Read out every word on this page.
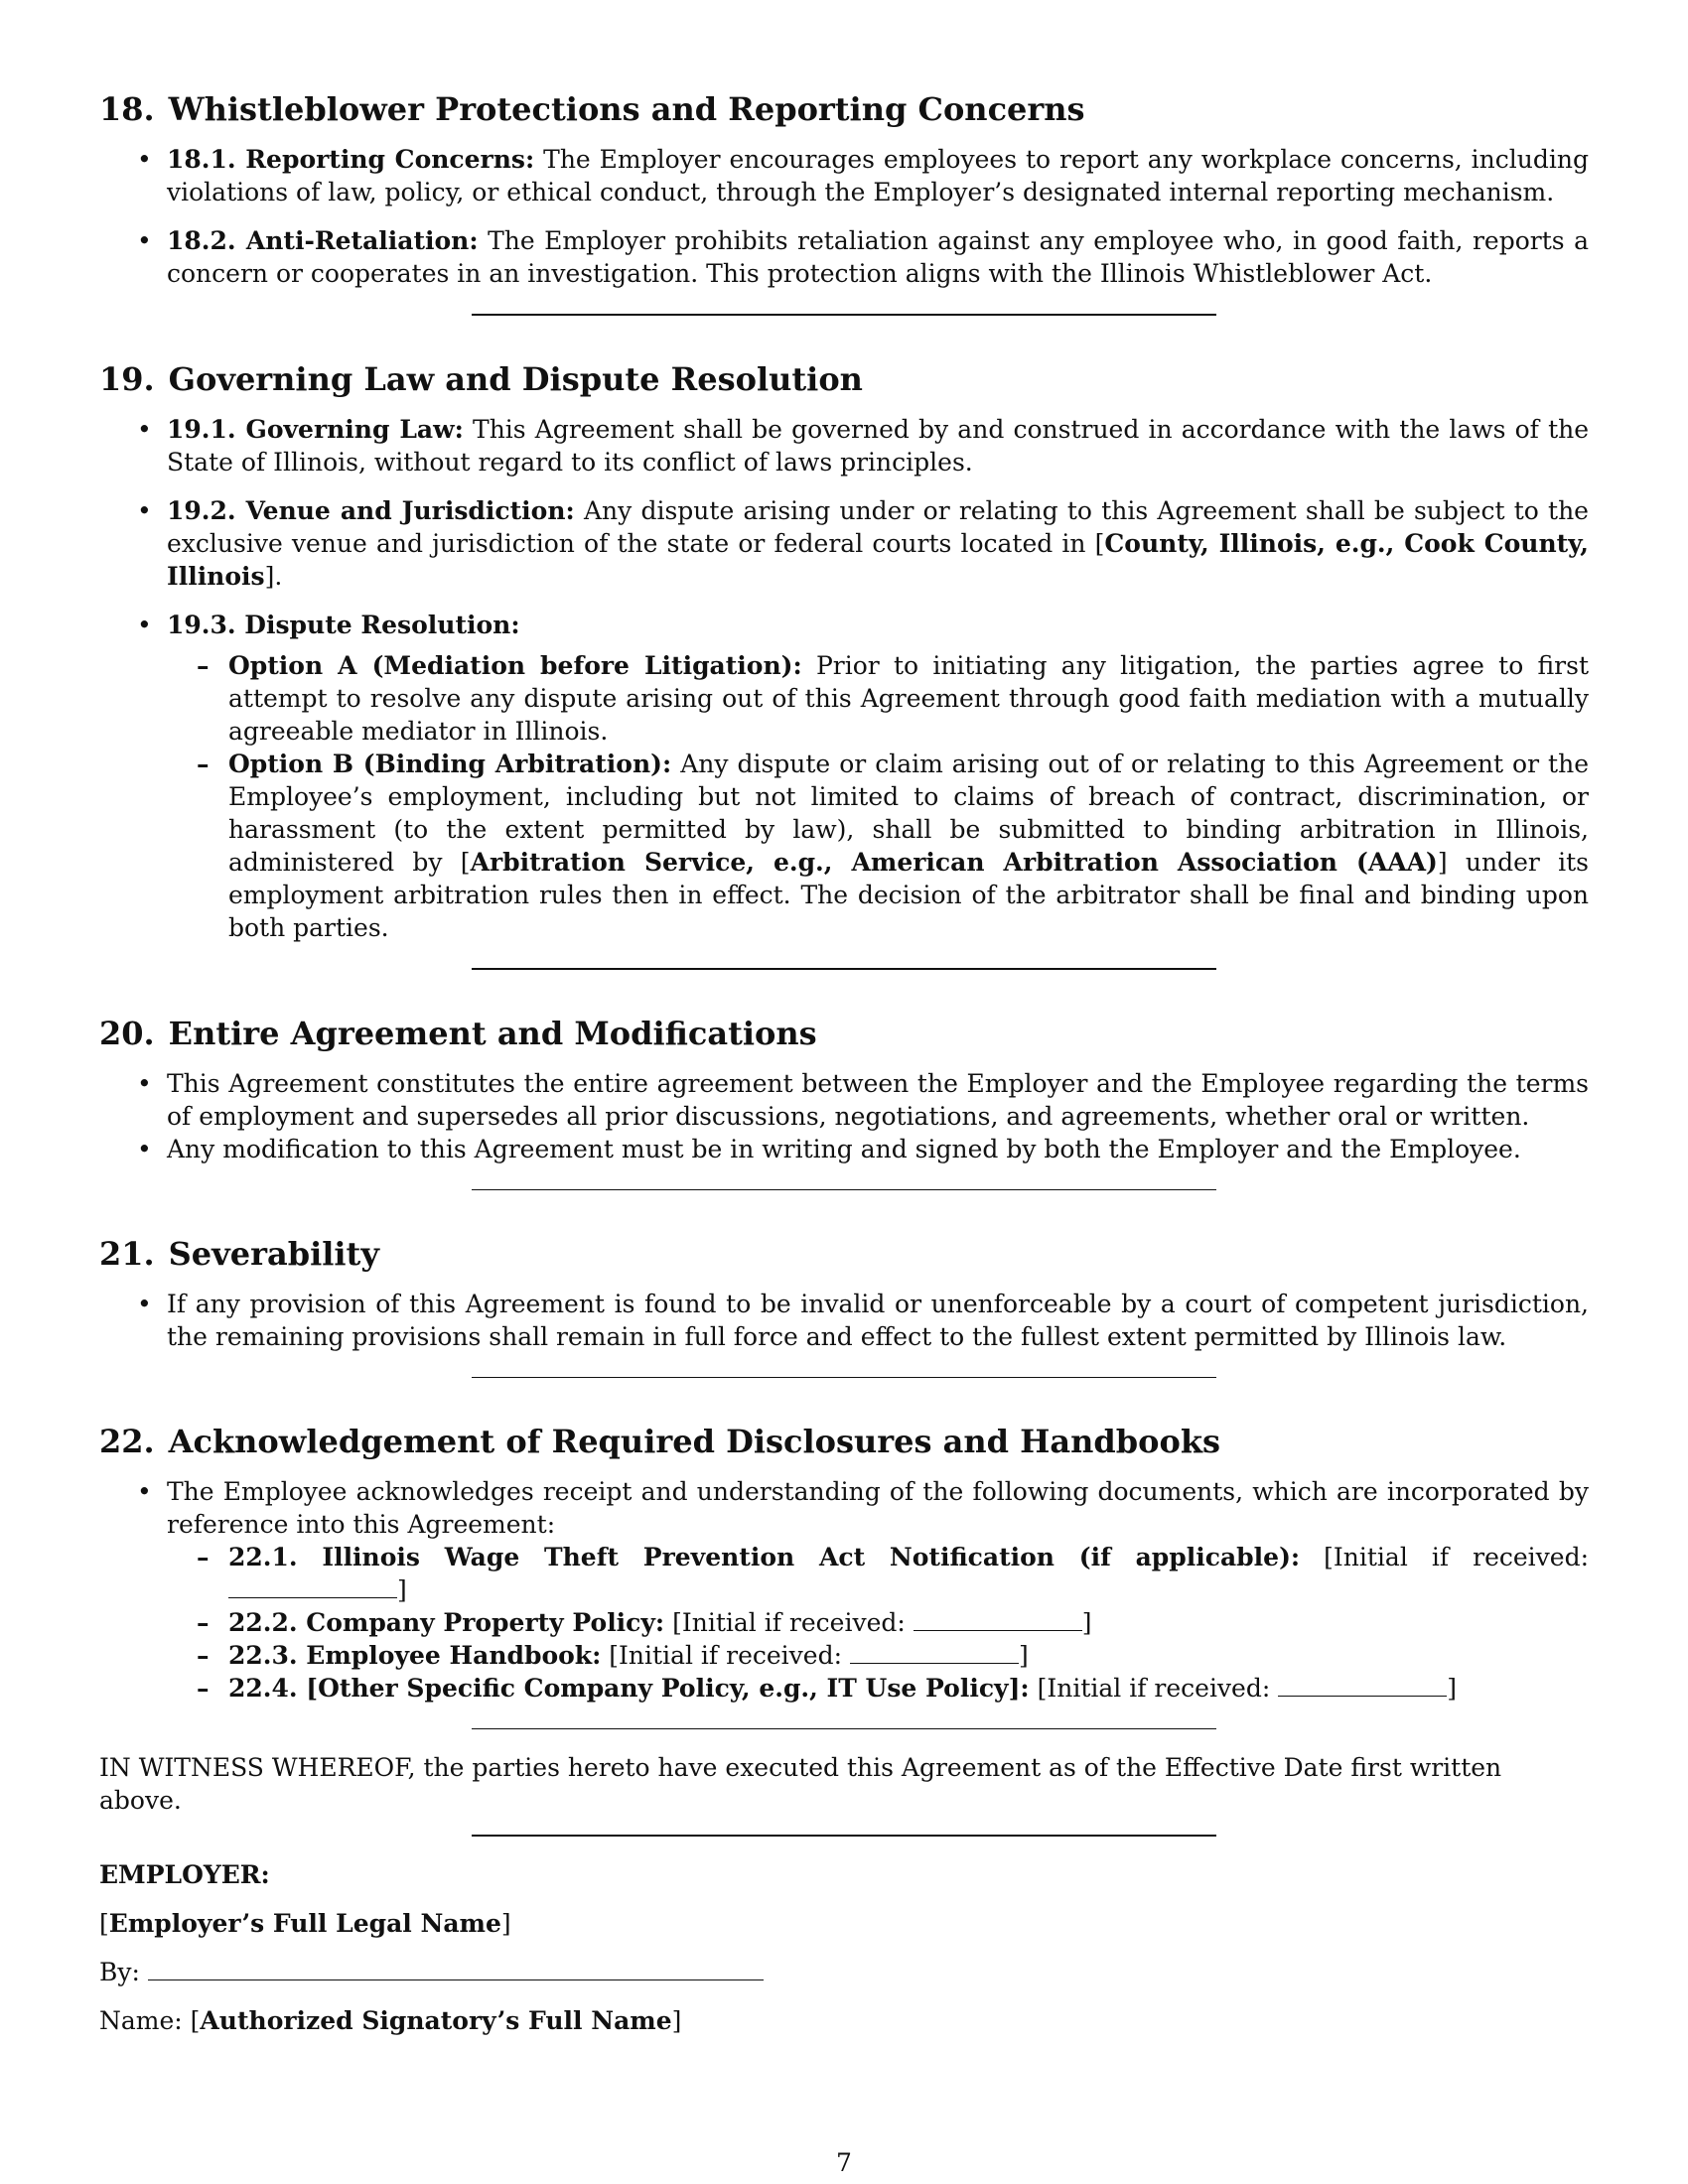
18. Whistleblower Protections and Reporting Concerns
• 18.1. Reporting Concerns: The Employer encourages employees to report any workplace concerns, including violations of law, policy, or ethical conduct, through the Employer’s designated internal reporting mechanism.
• 18.2. Anti-Retaliation: The Employer prohibits retaliation against any employee who, in good faith, reports a concern or cooperates in an investigation. This protection aligns with the Illinois Whistleblower Act.
19. Governing Law and Dispute Resolution
• 19.1. Governing Law: This Agreement shall be governed by and construed in accordance with the laws of the State of Illinois, without regard to its conflict of laws principles.
• 19.2. Venue and Jurisdiction: Any dispute arising under or relating to this Agreement shall be subject to the exclusive venue and jurisdiction of the state or federal courts located in [County, Illinois, e.g., Cook County, Illinois].
• 19.3. Dispute Resolution:
– Option A (Mediation before Litigation): Prior to initiating any litigation, the parties agree to first attempt to resolve any dispute arising out of this Agreement through good faith mediation with a mutually agreeable mediator in Illinois.
– Option B (Binding Arbitration): Any dispute or claim arising out of or relating to this Agreement or the Employee’s employment, including but not limited to claims of breach of contract, discrimination, or harassment (to the extent permitted by law), shall be submitted to binding arbitration in Illinois, administered by [Arbitration Service, e.g., American Arbitration Association (AAA)] under its employment arbitration rules then in effect. The decision of the arbitrator shall be final and binding upon both parties.
20. Entire Agreement and Modifications
• This Agreement constitutes the entire agreement between the Employer and the Employee regarding the terms of employment and supersedes all prior discussions, negotiations, and agreements, whether oral or written.
• Any modification to this Agreement must be in writing and signed by both the Employer and the Employee.
21. Severability
• If any provision of this Agreement is found to be invalid or unenforceable by a court of competent jurisdiction, the remaining provisions shall remain in full force and effect to the fullest extent permitted by Illinois law.
22. Acknowledgement of Required Disclosures and Handbooks
• The Employee acknowledges receipt and understanding of the following documents, which are incorporated by reference into this Agreement:
– 22.1. Illinois Wage Theft Prevention Act Notification (if applicable): [Initial if received: ]
– 22.2. Company Property Policy: [Initial if received:	]
– 22.3. Employee Handbook: [Initial if received:	]
– 22.4. [Other Specific Company Policy, e.g., IT Use Policy]: [Initial if received:	]

IN WITNESS WHEREOF, the parties hereto have executed this Agreement as of the Effective Date first written above.

EMPLOYER:

[Employer’s Full Legal Name]

By:

Name: [Authorized Signatory’s Full Name]

7
